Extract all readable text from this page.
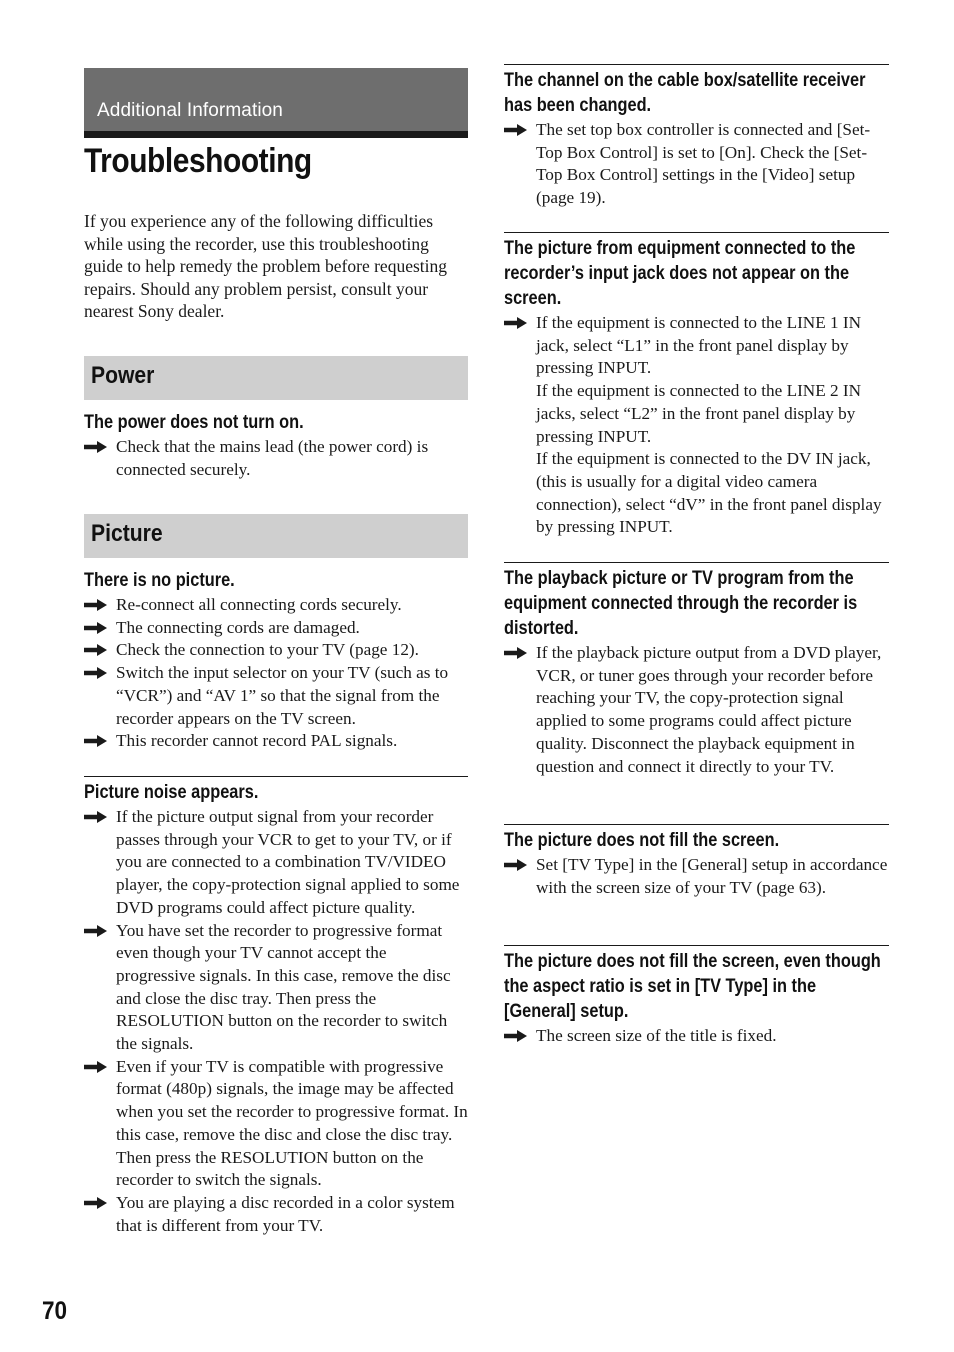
Additional Information
Troubleshooting

If you experience any of the following difficulties while using the recorder, use this troubleshooting guide to help remedy the problem before requesting repairs. Should any problem persist, consult your nearest Sony dealer.

Power

The power does not turn on.

Check that the mains lead (the power cord) is connected securely.

Picture

There is no picture.

Re-connect all connecting cords securely.

The connecting cords are damaged.

Check the connection to your TV (page 12).

Switch the input selector on your TV (such as to “VCR”) and “AV 1” so that the signal from the recorder appears on the TV screen.

This recorder cannot record PAL signals.

Picture noise appears.

If the picture output signal from your recorder passes through your VCR to get to your TV, or if you are connected to a combination TV/VIDEO player, the copy-protection signal applied to some DVD programs could affect picture quality.

You have set the recorder to progressive format even though your TV cannot accept the progressive signals. In this case, remove the disc and close the disc tray. Then press the RESOLUTION button on the recorder to switch the signals.

Even if your TV is compatible with progressive format (480p) signals, the image may be affected when you set the recorder to progressive format. In this case, remove the disc and close the disc tray. Then press the RESOLUTION button on the recorder to switch the signals.

You are playing a disc recorded in a color system that is different from your TV.

The channel on the cable box/satellite receiver has been changed.

The set top box controller is connected and [Set-Top Box Control] is set to [On]. Check the [Set-Top Box Control] settings in the [Video] setup (page 19).

The picture from equipment connected to the recorder’s input jack does not appear on the screen.

If the equipment is connected to the LINE 1 IN jack, select “L1” in the front panel display by pressing INPUT.

If the equipment is connected to the LINE 2 IN jacks, select “L2” in the front panel display by pressing INPUT.

If the equipment is connected to the DV IN jack, (this is usually for a digital video camera connection), select “dV” in the front panel display by pressing INPUT.

The playback picture or TV program from the equipment connected through the recorder is distorted.

If the playback picture output from a DVD player, VCR, or tuner goes through your recorder before reaching your TV, the copy-protection signal applied to some programs could affect picture quality. Disconnect the playback equipment in question and connect it directly to your TV.

The picture does not fill the screen.

Set [TV Type] in the [General] setup in accordance with the screen size of your TV (page 63).

The picture does not fill the screen, even though the aspect ratio is set in [TV Type] in the [General] setup.

The screen size of the title is fixed.

70
